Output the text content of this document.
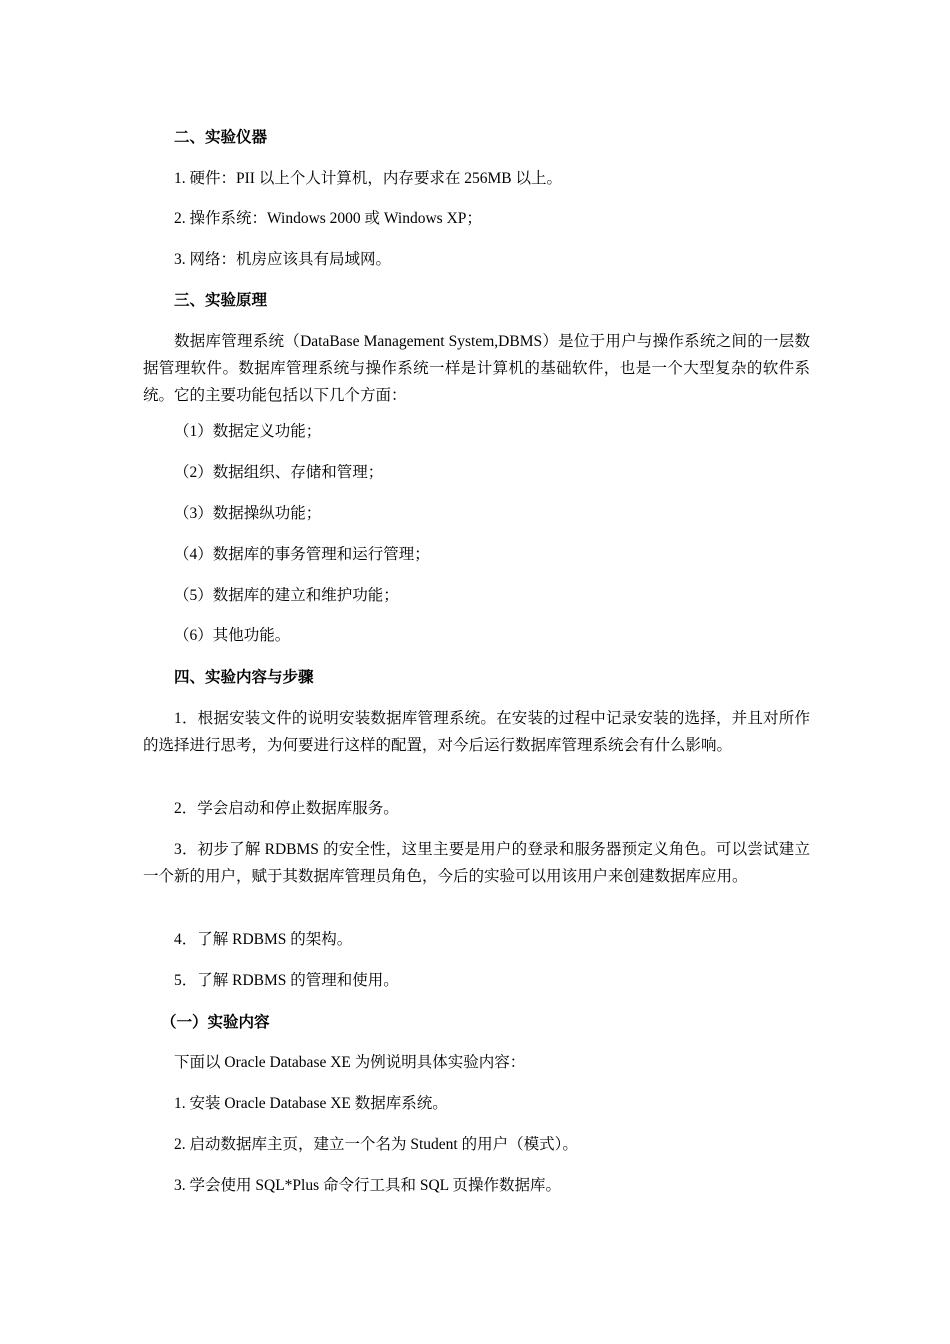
二、实验仪器
1. 硬件：PII 以上个人计算机，内存要求在 256MB 以上。
2. 操作系统：Windows 2000 或 Windows XP；
3. 网络：机房应该具有局域网。
三、实验原理

数据库管理系统（DataBase Management System,DBMS）是位于用户与操作系统之间的一层数据管理软件。数据库管理系统与操作系统一样是计算机的基础软件，也是一个大型复杂的软件系统。它的主要功能包括以下几个方面：

（1）数据定义功能；
（2）数据组织、存储和管理；
（3）数据操纵功能；
（4）数据库的事务管理和运行管理；
（5）数据库的建立和维护功能；
（6）其他功能。
四、实验内容与步骤

1．根据安装文件的说明安装数据库管理系统。在安装的过程中记录安装的选择，并且对所作的选择进行思考，为何要进行这样的配置，对今后运行数据库管理系统会有什么影响。

2．学会启动和停止数据库服务。

3．初步了解 RDBMS 的安全性，这里主要是用户的登录和服务器预定义角色。可以尝试建立一个新的用户，赋于其数据库管理员角色，今后的实验可以用该用户来创建数据库应用。

4．了解 RDBMS 的架构。
5．了解 RDBMS 的管理和使用。
（一）实验内容
下面以 Oracle Database XE 为例说明具体实验内容：
1. 安装 Oracle Database XE 数据库系统。
2. 启动数据库主页，建立一个名为 Student 的用户（模式）。
3. 学会使用 SQL*Plus 命令行工具和 SQL 页操作数据库。
